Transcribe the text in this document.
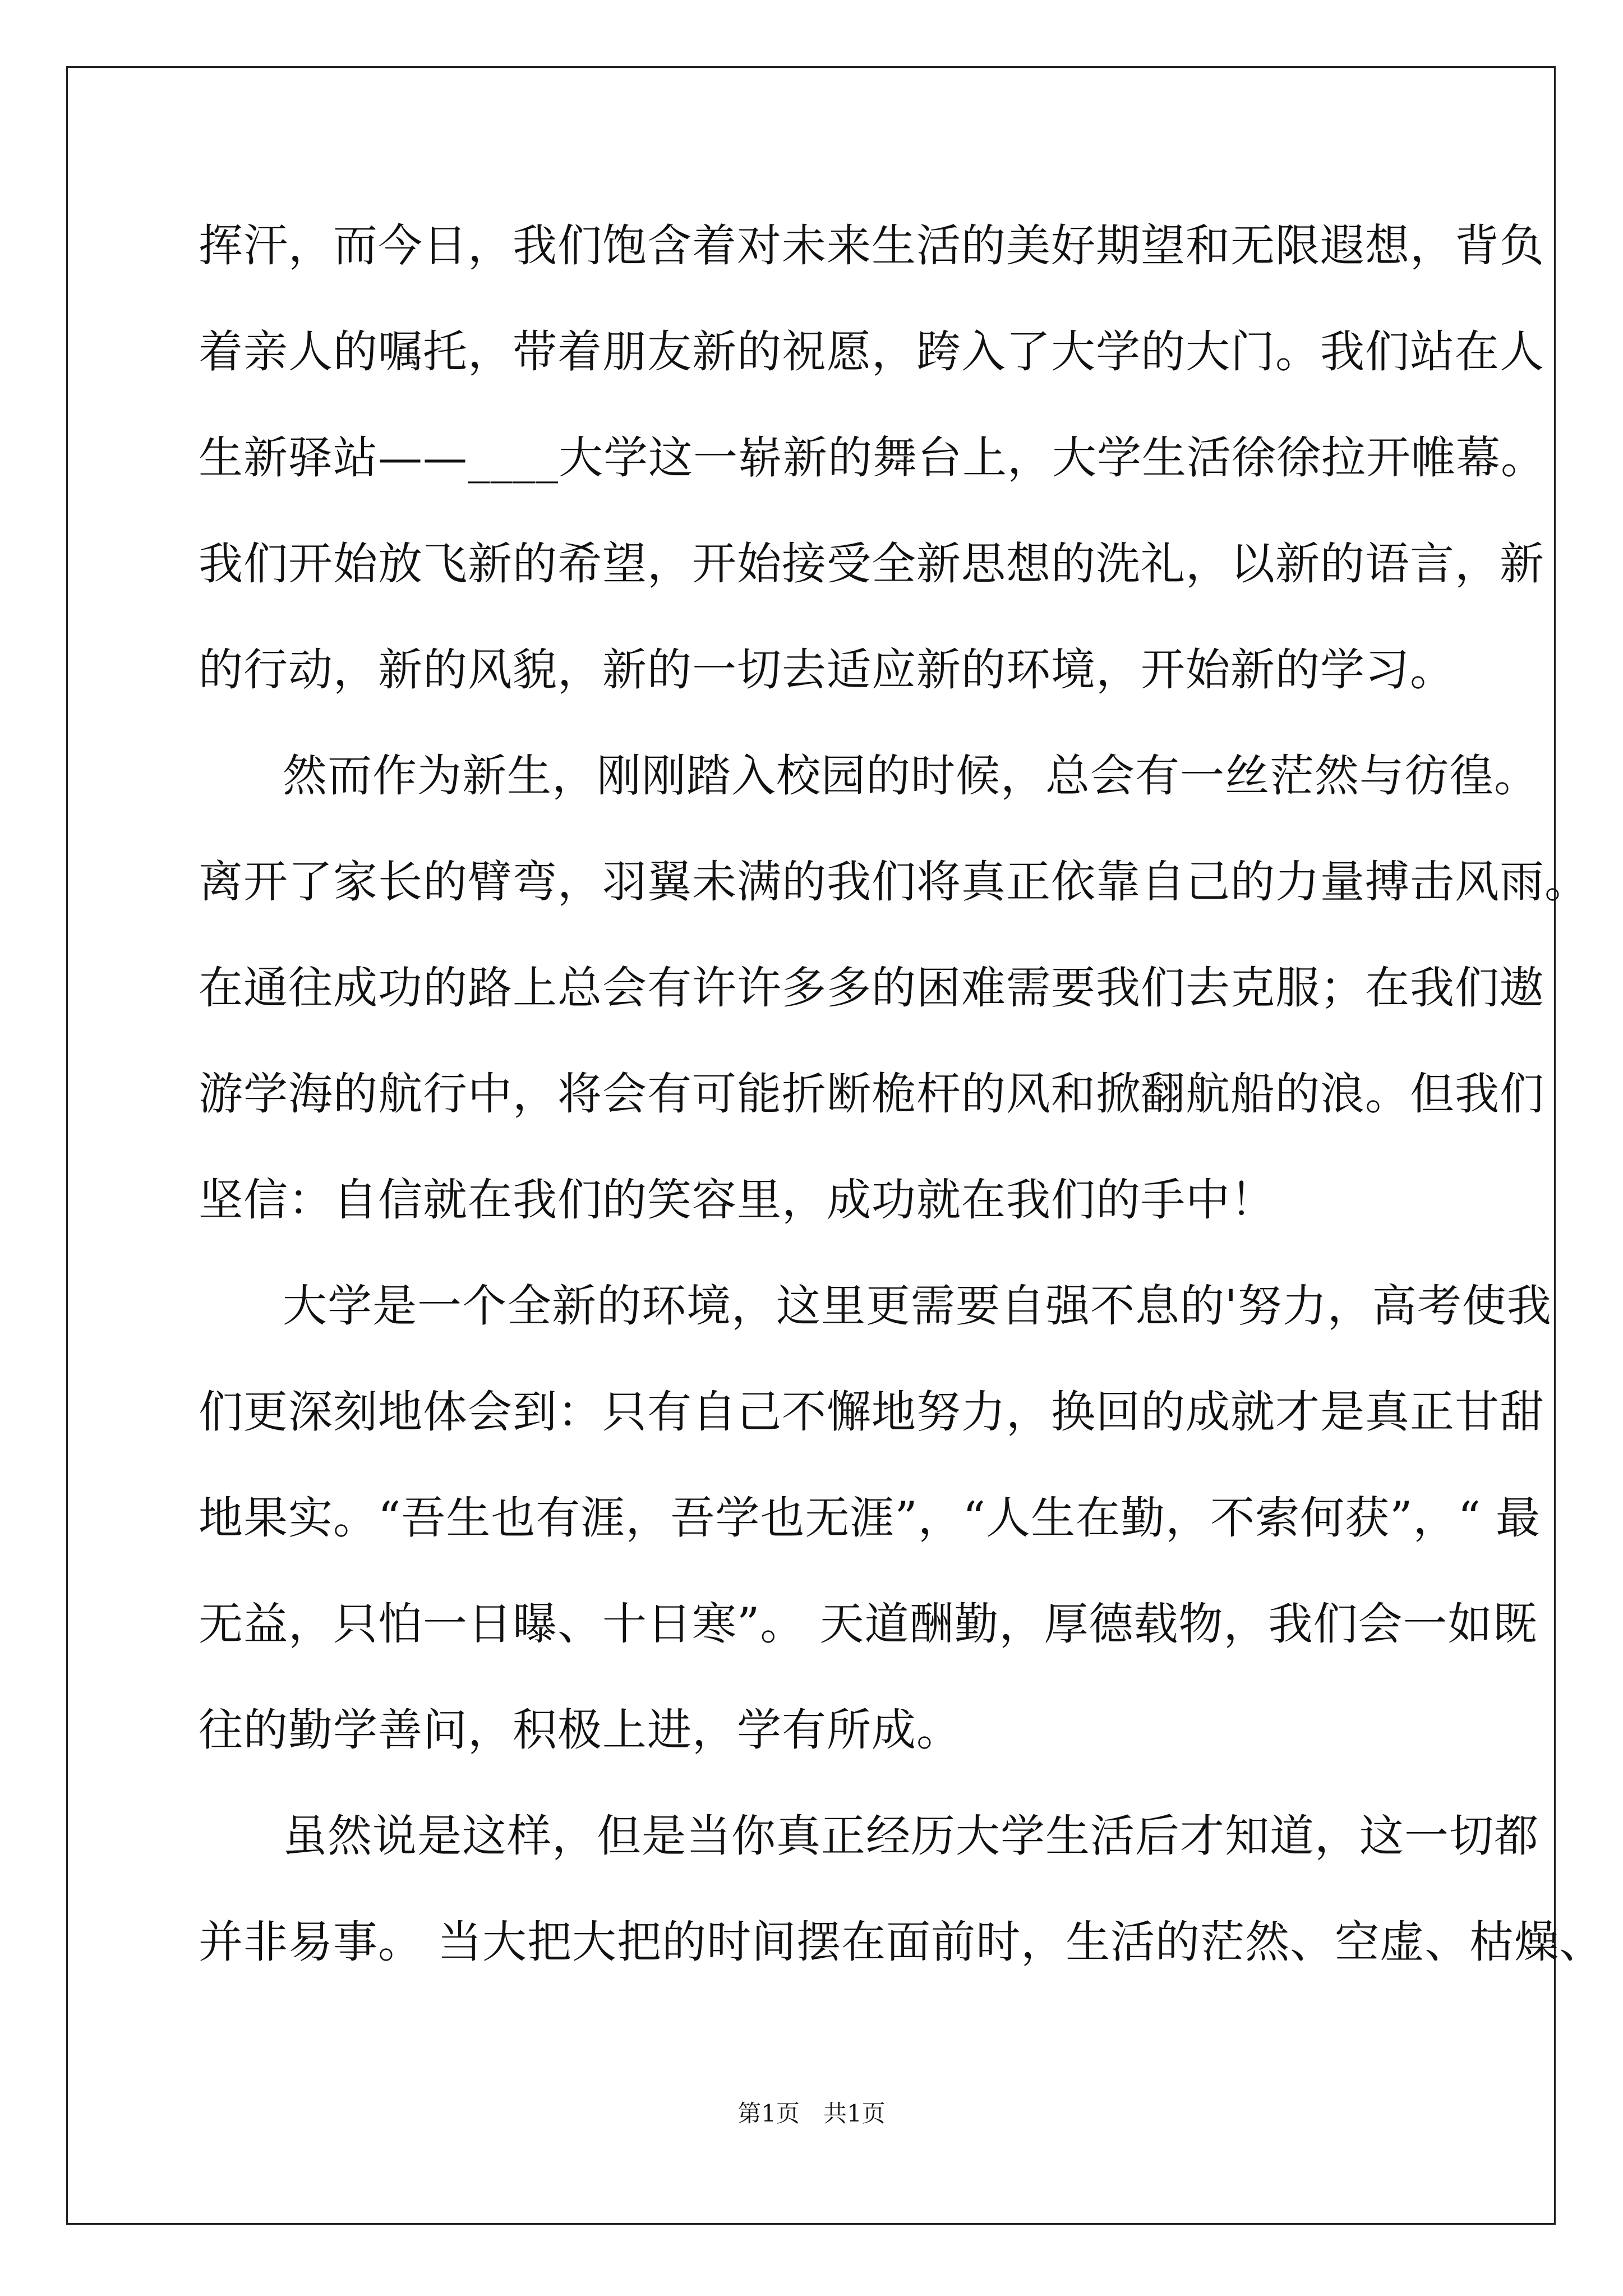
挥汗，而今日，我们饱含着对未来生活的美好期望和无限遐想，背负
着亲人的嘱托，带着朋友新的祝愿，跨入了大学的大门。我们站在人
生新驿站——____大学这一崭新的舞台上，大学生活徐徐拉开帷幕。
我们开始放飞新的希望，开始接受全新思想的洗礼，以新的语言，新
的行动，新的风貌，新的一切去适应新的环境，开始新的学习。
然而作为新生，刚刚踏入校园的时候，总会有一丝茫然与彷徨。
离开了家长的臂弯，羽翼未满的我们将真正依靠自己的力量搏击风雨。
在通往成功的路上总会有许许多多的困难需要我们去克服；在我们遨
游学海的航行中，将会有可能折断桅杆的风和掀翻航船的浪。但我们
坚信：自信就在我们的笑容里，成功就在我们的手中！
大学是一个全新的环境，这里更需要自强不息的'努力，高考使我
们更深刻地体会到：只有自己不懈地努力，换回的成就才是真正甘甜
地果实。“吾生也有涯，吾学也无涯”，“人生在勤，不索何获”，“ 最
无益，只怕一日曝、十日寒”。 天道酬勤，厚德载物，我们会一如既
往的勤学善问，积极上进，学有所成。
虽然说是这样，但是当你真正经历大学生活后才知道，这一切都
并非易事。 当大把大把的时间摆在面前时，生活的茫然、空虚、枯燥、
第1页　共1页
